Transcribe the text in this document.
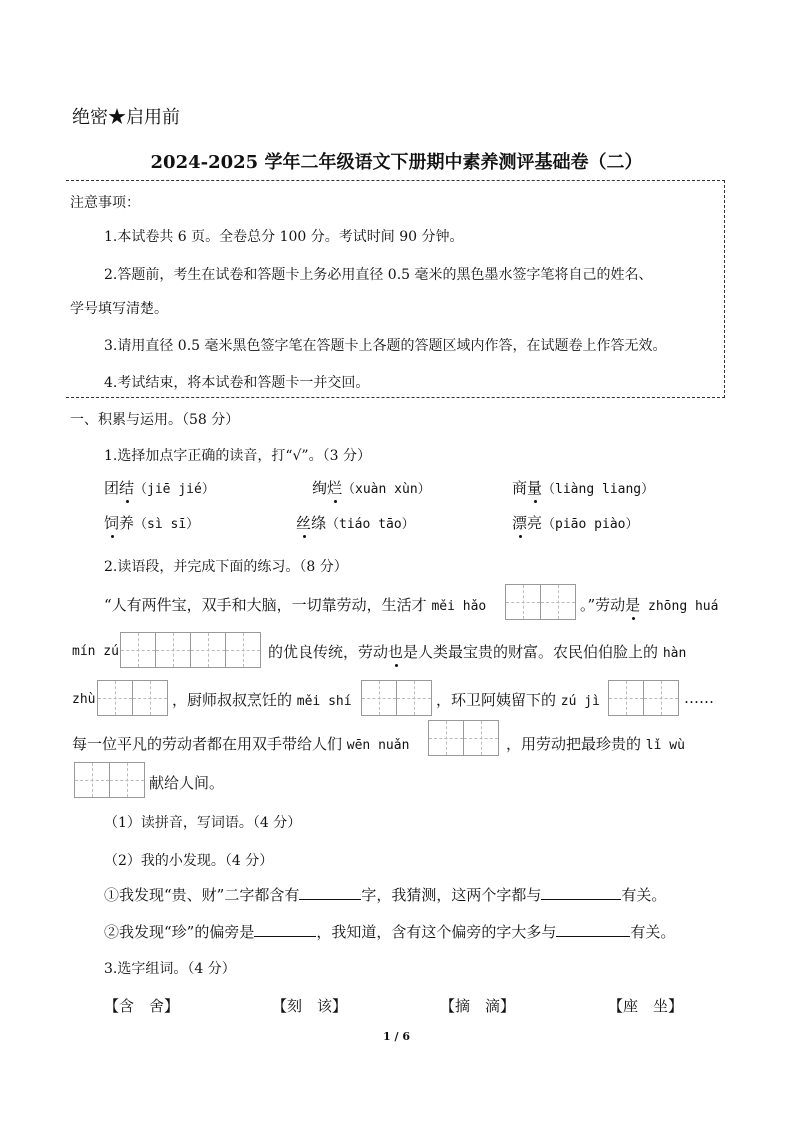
绝密★启用前
2024-2025 学年二年级语文下册期中素养测评基础卷（二）
注意事项：
1.本试卷共 6 页。全卷总分 100 分。考试时间 90 分钟。
2.答题前，考生在试卷和答题卡上务必用直径 0.5 毫米的黑色墨水签字笔将自己的姓名、
学号填写清楚。
3.请用直径 0.5 毫米黑色签字笔在答题卡上各题的答题区域内作答，在试题卷上作答无效。
4.考试结束，将本试卷和答题卡一并交回。
一、积累与运用。（58 分）
1.选择加点字正确的读音，打“√”。（3 分）
团结（jiē jié）	绚烂（xuàn xùn）	商量（liàng liang）
饲养（sì sī）	丝绦（tiáo tāo）	漂亮（piāo piào）
2.读语段，并完成下面的练习。（8 分）
“人有两件宝，双手和大脑，一切靠劳动，生活才 měi hǎo	。”劳动是 zhōng huá
mín zú	的优良传统，劳动也是人类最宝贵的财富。农民伯伯脸上的 hàn
zhù	，厨师叔叔烹饪的 měi shí	，环卫阿姨留下的 zú jì	……
每一位平凡的劳动者都在用双手带给人们 wēn nuǎn	，用劳动把最珍贵的 lǐ wù
献给人间。
（1）读拼音，写词语。（4 分）
（2）我的小发现。（4 分）
①我发现“贵、财”二字都含有	字，我猜测，这两个字都与	有关。
②我发现“珍”的偏旁是	，我知道，含有这个偏旁的字大多与	有关。
3.选字组词。（4 分）
【含　舍】	【刻　该】	【摘　滴】	【座　坐】
1 / 6
